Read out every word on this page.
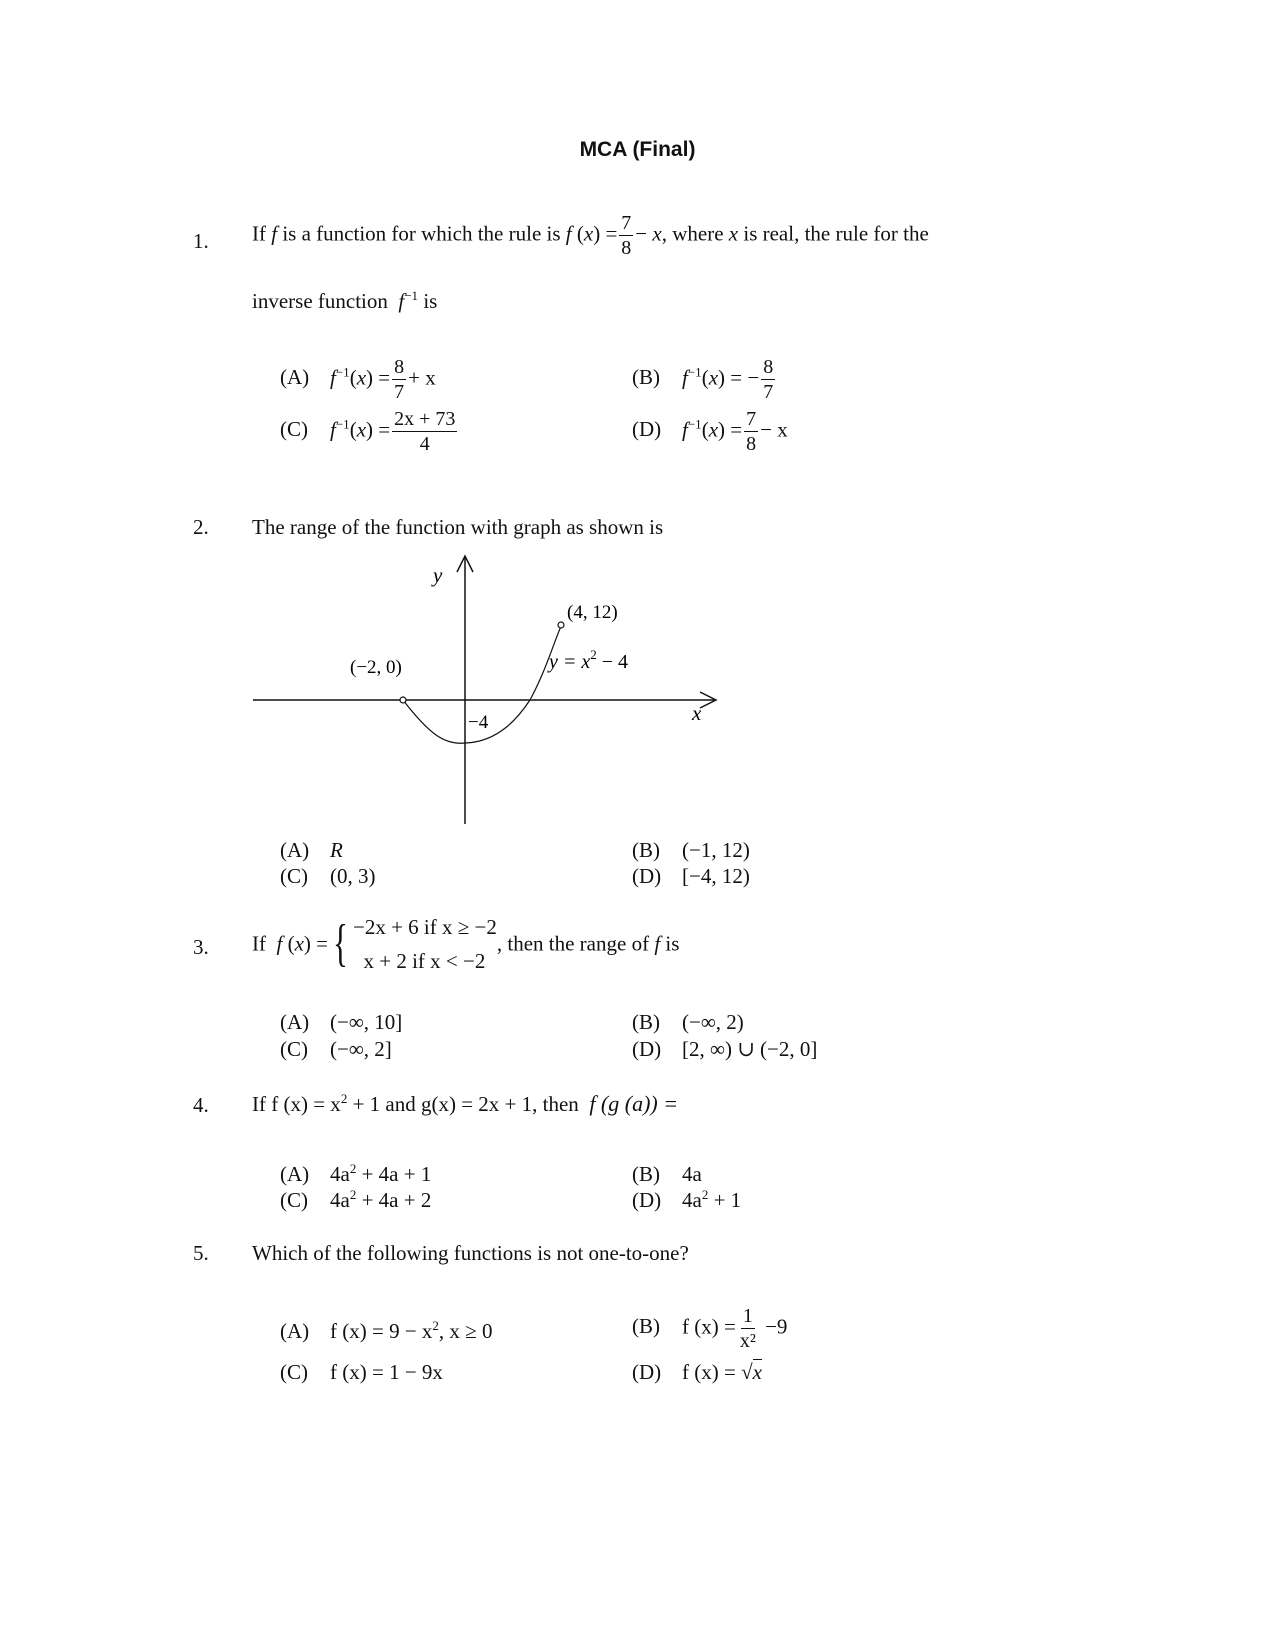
MCA (Final)
1. If f is a function for which the rule is f $(x) = \frac{7}{8} - x$, where x is real, the rule for the
inverse function $f^{-1}$ is
(A) $f^{-1}(x) = \frac{8}{7} + x$	(B) $f^{-1}(x)$ = − $\frac{8}{7}$
(C) $f^{-1}(x) = \frac{2x + 73}{4}$	(D) $f^{-1}(x) = \frac{7}{8} - x$
2. The range of the function with graph as shown is
y
x
(−2, 0)
(4, 12)
−4
$y = x^2 - 4$
(A) R	(B) (−1, 12)
(C) (0, 3)	(D) [−4, 12)
3. If f (x) ={ −2x + 6 if x ≥ −2
x + 2 if x < −2, then the range of f is
(A) (−∞, 10]	(B) (−∞, 2)
(C) (−∞, 2]	(D) [2, ∞) ∪ (−2, 0]
4. If f $(x) = x^2 + 1$ and g(x) = 2x + 1, then f (g (a)) =
(A) $4a^2 + 4a + 1$	(B) 4a
(C) $4a^2 + 4a + 2$	(D) $4a^2 + 1$
5. Which of the following functions is not one-to-one?
(A) f $(x) = 9 - x^2$, x ≥ 0	(B) f $(x) = \frac{1}{\text{x²}} -9$
(C) f (x) = 1 − 9x	(D) f (x) = √x
